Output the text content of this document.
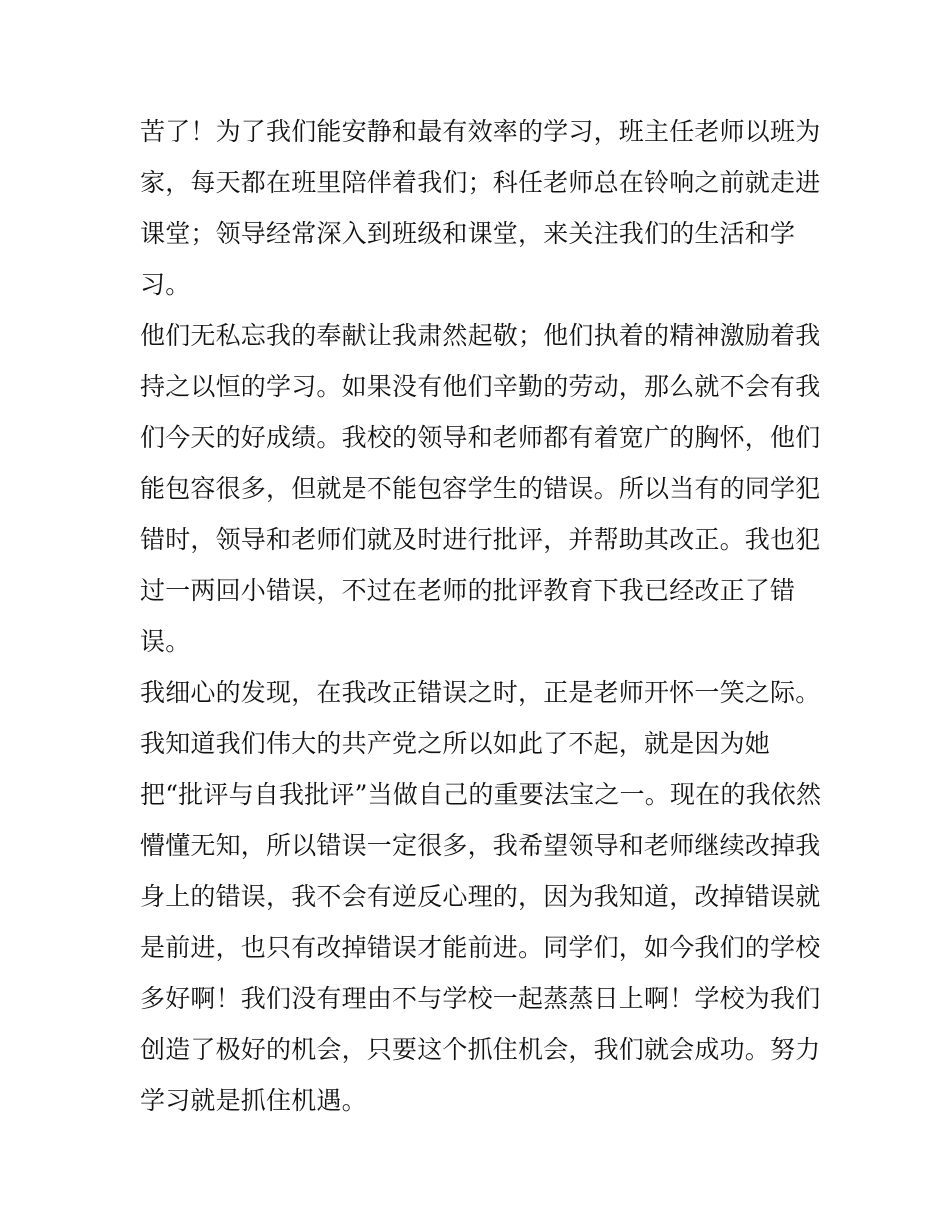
苦了！为了我们能安静和最有效率的学习，班主任老师以班为
家，每天都在班里陪伴着我们；科任老师总在铃响之前就走进
课堂；领导经常深入到班级和课堂，来关注我们的生活和学
习。
他们无私忘我的奉献让我肃然起敬；他们执着的精神激励着我
持之以恒的学习。如果没有他们辛勤的劳动，那么就不会有我
们今天的好成绩。我校的领导和老师都有着宽广的胸怀，他们
能包容很多，但就是不能包容学生的错误。所以当有的同学犯
错时，领导和老师们就及时进行批评，并帮助其改正。我也犯
过一两回小错误，不过在老师的批评教育下我已经改正了错
误。
我细心的发现，在我改正错误之时，正是老师开怀一笑之际。
我知道我们伟大的共产党之所以如此了不起，就是因为她
把“批评与自我批评”当做自己的重要法宝之一。现在的我依然
懵懂无知，所以错误一定很多，我希望领导和老师继续改掉我
身上的错误，我不会有逆反心理的，因为我知道，改掉错误就
是前进，也只有改掉错误才能前进。同学们，如今我们的学校
多好啊！我们没有理由不与学校一起蒸蒸日上啊！学校为我们
创造了极好的机会，只要这个抓住机会，我们就会成功。努力
学习就是抓住机遇。
